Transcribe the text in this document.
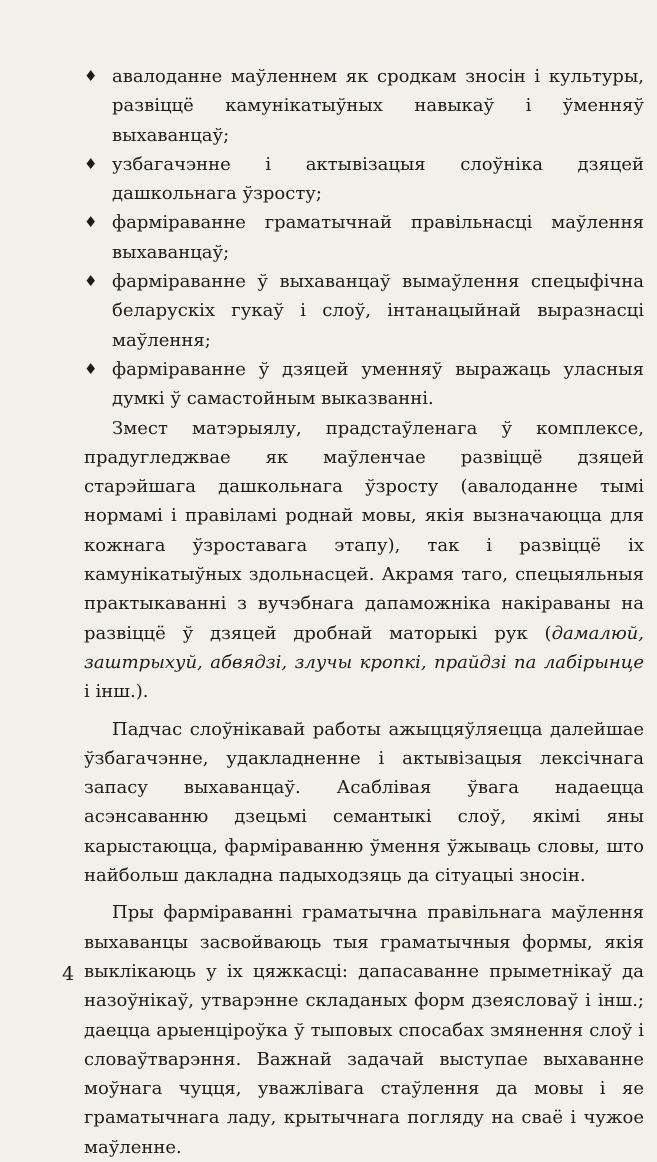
♦ авалоданне маўленнем як сродкам зносін і культуры, развіццё камунікатыўных навыкаў і ўменняў выхаванцаў;
♦ узбагачэнне і актывізацыя слоўніка дзяцей дашкольнага ўзросту;
♦ фарміраванне граматычнай правільнасці маўлення выхаванцаў;
♦ фарміраванне ў выхаванцаў вымаўлення спецыфічна беларускіх гукаў і слоў, інтанацыйнай выразнасці маўлення;
♦ фарміраванне ў дзяцей уменняў выражаць уласныя думкі ў самастойным выказванні.

Змест матэрыялу, прадстаўленага ў комплексе, прадугледжвае як маўленчае развіццё дзяцей старэйшага дашкольнага ўзросту (авалоданне тымі нормамі і правіламі роднай мовы, якія вызначаюцца для кожнага ўзроставага этапу), так і развіццё іх камунікатыўных здольнасцей. Акрамя таго, спецыяльныя практыкаванні з вучэбнага дапаможніка накіраваны на развіццё ў дзяцей дробнай маторыкі рук (дамалюй, заштрыхуй, абвядзі, злучы кропкі, прайдзі па лабірынце і інш.).

Падчас слоўнікавай работы ажыццяўляецца далейшае ўзбагачэнне, удакладненне і актывізацыя лексічнага запасу выхаванцаў. Асаблівая ўвага надаецца асэнсаванню дзецьмі семантыкі слоў, якімі яны карыстаюцца, фарміраванню ўмення ўжываць словы, што найбольш дакладна падыходзяць да сітуацыі зносін.

Пры фарміраванні граматычна правільнага маўлення выхаванцы засвойваюць тыя граматычныя формы, якія выклікаюць у іх цяжкасці: дапасаванне прыметнікаў да назоўнікаў, утварэнне складаных форм дзеясловаў і інш.; даецца арыенціроўка ў тыповых спосабах змянення слоў і словаўтварэння. Важнай задачай выступае выхаванне моўнага чуцця, уважлівага стаўлення да мовы і яе граматычнага ладу, крытычнага погляду на сваё і чужое маўленне.

4
